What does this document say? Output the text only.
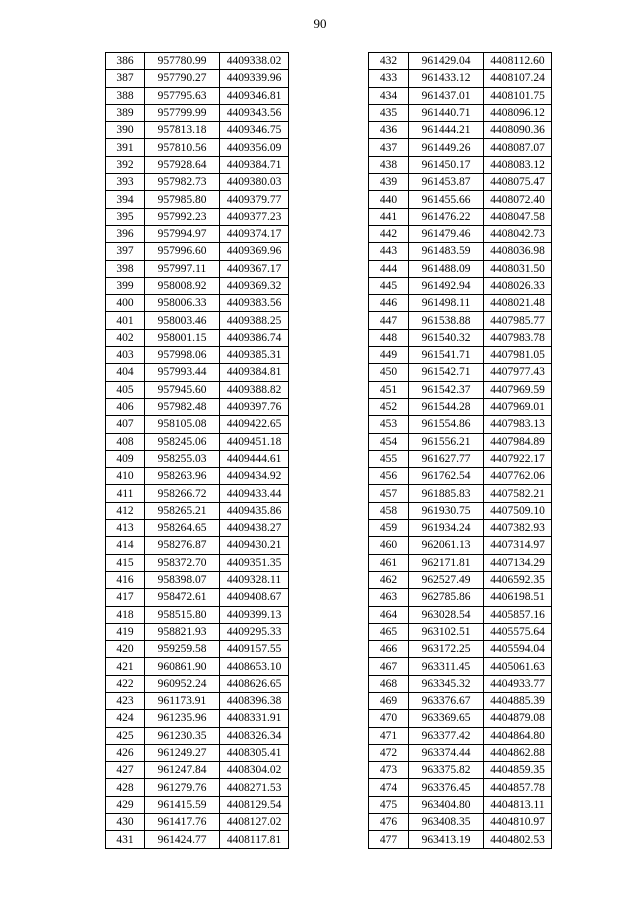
90
386	957780.99	4409338.02
387	957790.27	4409339.96
388	957795.63	4409346.81
389	957799.99	4409343.56
390	957813.18	4409346.75
391	957810.56	4409356.09
392	957928.64	4409384.71
393	957982.73	4409380.03
394	957985.80	4409379.77
395	957992.23	4409377.23
396	957994.97	4409374.17
397	957996.60	4409369.96
398	957997.11	4409367.17
399	958008.92	4409369.32
400	958006.33	4409383.56
401	958003.46	4409388.25
402	958001.15	4409386.74
403	957998.06	4409385.31
404	957993.44	4409384.81
405	957945.60	4409388.82
406	957982.48	4409397.76
407	958105.08	4409422.65
408	958245.06	4409451.18
409	958255.03	4409444.61
410	958263.96	4409434.92
411	958266.72	4409433.44
412	958265.21	4409435.86
413	958264.65	4409438.27
414	958276.87	4409430.21
415	958372.70	4409351.35
416	958398.07	4409328.11
417	958472.61	4409408.67
418	958515.80	4409399.13
419	958821.93	4409295.33
420	959259.58	4409157.55
421	960861.90	4408653.10
422	960952.24	4408626.65
423	961173.91	4408396.38
424	961235.96	4408331.91
425	961230.35	4408326.34
426	961249.27	4408305.41
427	961247.84	4408304.02
428	961279.76	4408271.53
429	961415.59	4408129.54
430	961417.76	4408127.02
431	961424.77	4408117.81
432	961429.04	4408112.60
433	961433.12	4408107.24
434	961437.01	4408101.75
435	961440.71	4408096.12
436	961444.21	4408090.36
437	961449.26	4408087.07
438	961450.17	4408083.12
439	961453.87	4408075.47
440	961455.66	4408072.40
441	961476.22	4408047.58
442	961479.46	4408042.73
443	961483.59	4408036.98
444	961488.09	4408031.50
445	961492.94	4408026.33
446	961498.11	4408021.48
447	961538.88	4407985.77
448	961540.32	4407983.78
449	961541.71	4407981.05
450	961542.71	4407977.43
451	961542.37	4407969.59
452	961544.28	4407969.01
453	961554.86	4407983.13
454	961556.21	4407984.89
455	961627.77	4407922.17
456	961762.54	4407762.06
457	961885.83	4407582.21
458	961930.75	4407509.10
459	961934.24	4407382.93
460	962061.13	4407314.97
461	962171.81	4407134.29
462	962527.49	4406592.35
463	962785.86	4406198.51
464	963028.54	4405857.16
465	963102.51	4405575.64
466	963172.25	4405594.04
467	963311.45	4405061.63
468	963345.32	4404933.77
469	963376.67	4404885.39
470	963369.65	4404879.08
471	963377.42	4404864.80
472	963374.44	4404862.88
473	963375.82	4404859.35
474	963376.45	4404857.78
475	963404.80	4404813.11
476	963408.35	4404810.97
477	963413.19	4404802.53
